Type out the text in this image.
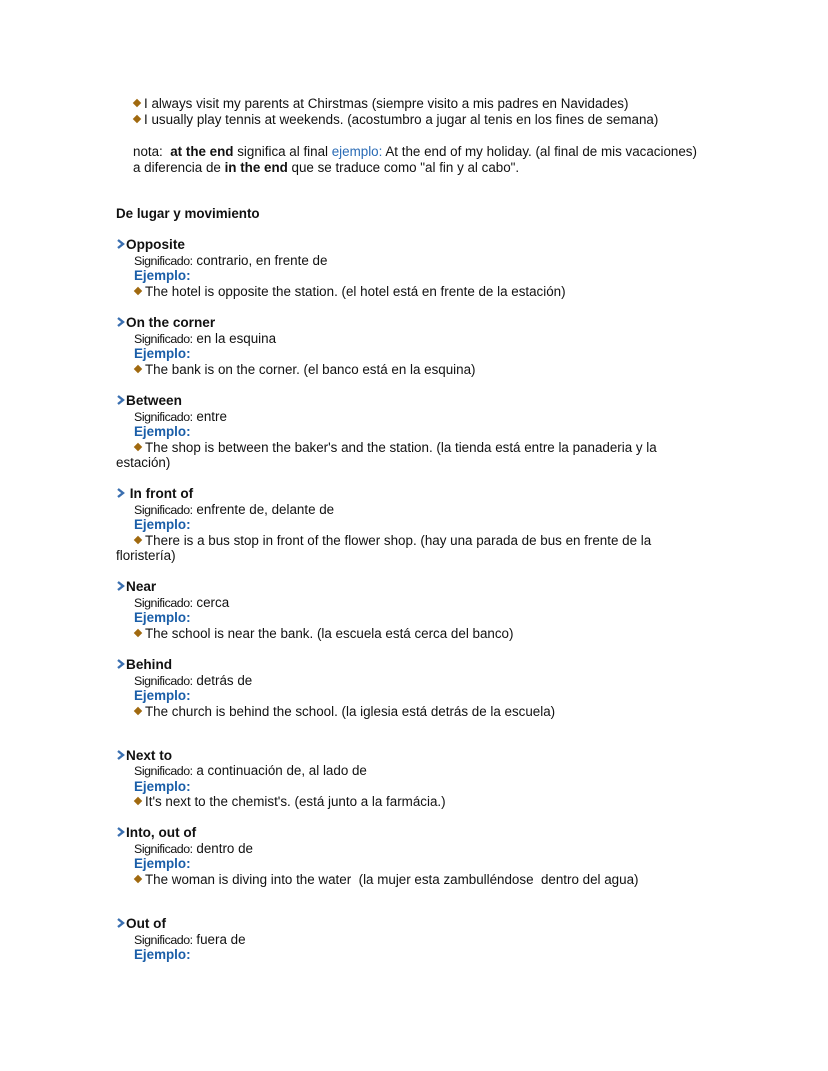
I always visit my parents at Chirstmas (siempre visito a mis padres en Navidades)
I usually play tennis at weekends. (acostumbro a jugar al tenis en los fines de semana)
nota:  at the end significa al final ejemplo: At the end of my holiday. (al final de mis vacaciones)
a diferencia de in the end que se traduce como "al fin y al cabo".
De lugar y movimiento
Opposite
Significado: contrario, en frente de
Ejemplo:
The hotel is opposite the station. (el hotel está en frente de la estación)
On the corner
Significado: en la esquina
Ejemplo:
The bank is on the corner. (el banco está en la esquina)
Between
Significado: entre
Ejemplo:
The shop is between the baker's and the station. (la tienda está entre la panaderia y la
estación)
In front of
Significado: enfrente de, delante de
Ejemplo:
There is a bus stop in front of the flower shop. (hay una parada de bus en frente de la
floristería)
Near
Significado: cerca
Ejemplo:
The school is near the bank. (la escuela está cerca del banco)
Behind
Significado: detrás de
Ejemplo:
The church is behind the school. (la iglesia está detrás de la escuela)
Next to
Significado: a continuación de, al lado de
Ejemplo:
It's next to the chemist's. (está junto a la farmácia.)
Into, out of
Significado: dentro de
Ejemplo:
The woman is diving into the water  (la mujer esta zambulléndose  dentro del agua)
Out of
Significado: fuera de
Ejemplo:
